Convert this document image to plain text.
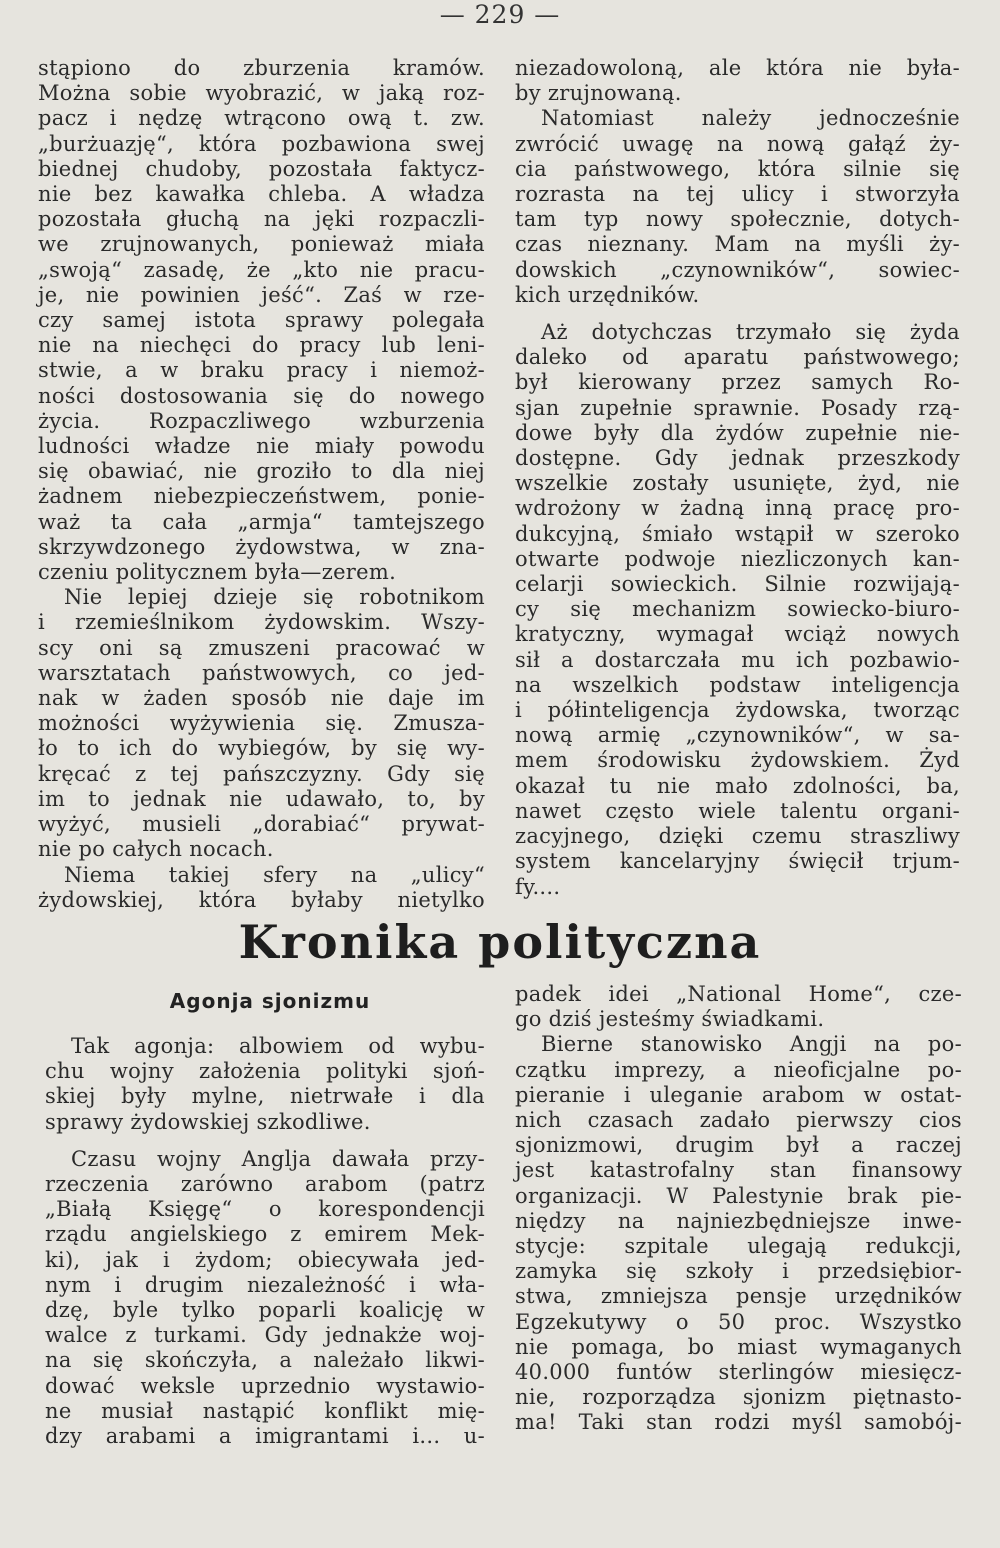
— 229 —

stąpiono do zburzenia kramów.
Można sobie wyobrazić, w jaką roz-
pacz i nędzę wtrącono ową t. zw.
„burżuazję“, która pozbawiona swej
biednej chudoby, pozostała faktycz-
nie bez kawałka chleba. A władza
pozostała głuchą na jęki rozpaczli-
we zrujnowanych, ponieważ miała
„swoją“ zasadę, że „kto nie pracu-
je, nie powinien jeść“. Zaś w rze-
czy samej istota sprawy polegała
nie na niechęci do pracy lub leni-
stwie, a w braku pracy i niemoż-
ności dostosowania się do nowego
życia. Rozpaczliwego wzburzenia
ludności władze nie miały powodu
się obawiać, nie groziło to dla niej
żadnem niebezpieczeństwem, ponie-
waż ta cała „armja“ tamtejszego
skrzywdzonego żydowstwa, w zna-
czeniu politycznem była—zerem.

Nie lepiej dzieje się robotnikom
i rzemieślnikom żydowskim. Wszy-
scy oni są zmuszeni pracować w
warsztatach państwowych, co jed-
nak w żaden sposób nie daje im
możności wyżywienia się. Zmusza-
ło to ich do wybiegów, by się wy-
kręcać z tej pańszczyzny. Gdy się
im to jednak nie udawało, to, by
wyżyć, musieli „dorabiać“ prywat-
nie po całych nocach.

Niema takiej sfery na „ulicy“
żydowskiej, która byłaby nietylko

niezadowoloną, ale która nie była-
by zrujnowaną.

Natomiast należy jednocześnie
zwrócić uwagę na nową gałąź ży-
cia państwowego, która silnie się
rozrasta na tej ulicy i stworzyła
tam typ nowy społecznie, dotych-
czas nieznany. Mam na myśli ży-
dowskich „czynowników“, sowiec-
kich urzędników.

Aż dotychczas trzymało się żyda
daleko od aparatu państwowego;
był kierowany przez samych Ro-
sjan zupełnie sprawnie. Posady rzą-
dowe były dla żydów zupełnie nie-
dostępne. Gdy jednak przeszkody
wszelkie zostały usunięte, żyd, nie
wdrożony w żadną inną pracę pro-
dukcyjną, śmiało wstąpił w szeroko
otwarte podwoje niezliczonych kan-
celarji sowieckich. Silnie rozwijają-
cy się mechanizm sowiecko-biuro-
kratyczny, wymagał wciąż nowych
sił a dostarczała mu ich pozbawio-
na wszelkich podstaw inteligencja
i półinteligencja żydowska, tworząc
nową armię „czynowników“, w sa-
mem środowisku żydowskiem. Żyd
okazał tu nie mało zdolności, ba,
nawet często wiele talentu organi-
zacyjnego, dzięki czemu straszliwy
system kancelaryjny święcił trjum-
fy....

Kronika polityczna
Agonja sjonizmu

Tak agonja: albowiem od wybu-
chu wojny założenia polityki sjoń-
skiej były mylne, nietrwałe i dla
sprawy żydowskiej szkodliwe.

Czasu wojny Anglja dawała przy-
rzeczenia zarówno arabom (patrz
„Białą Księgę“ o korespondencji
rządu angielskiego z emirem Mek-
ki), jak i żydom; obiecywała jed-
nym i drugim niezależność i wła-
dzę, byle tylko poparli koalicję w
walce z turkami. Gdy jednakże woj-
na się skończyła, a należało likwi-
dować weksle uprzednio wystawio-
ne musiał nastąpić konflikt mię-
dzy arabami a imigrantami i... u-

padek idei „National Home“, cze-
go dziś jesteśmy świadkami.

Bierne stanowisko Angji na po-
czątku imprezy, a nieoficjalne po-
pieranie i uleganie arabom w ostat-
nich czasach zadało pierwszy cios
sjonizmowi, drugim był a raczej
jest katastrofalny stan finansowy
organizacji. W Palestynie brak pie-
niędzy na najniezbędniejsze inwe-
stycje: szpitale ulegają redukcji,
zamyka się szkoły i przedsiębior-
stwa, zmniejsza pensje urzędników
Egzekutywy o 50 proc. Wszystko
nie pomaga, bo miast wymaganych
40.000 funtów sterlingów miesięcz-
nie, rozporządza sjonizm piętnasto-
ma! Taki stan rodzi myśl samobój-
